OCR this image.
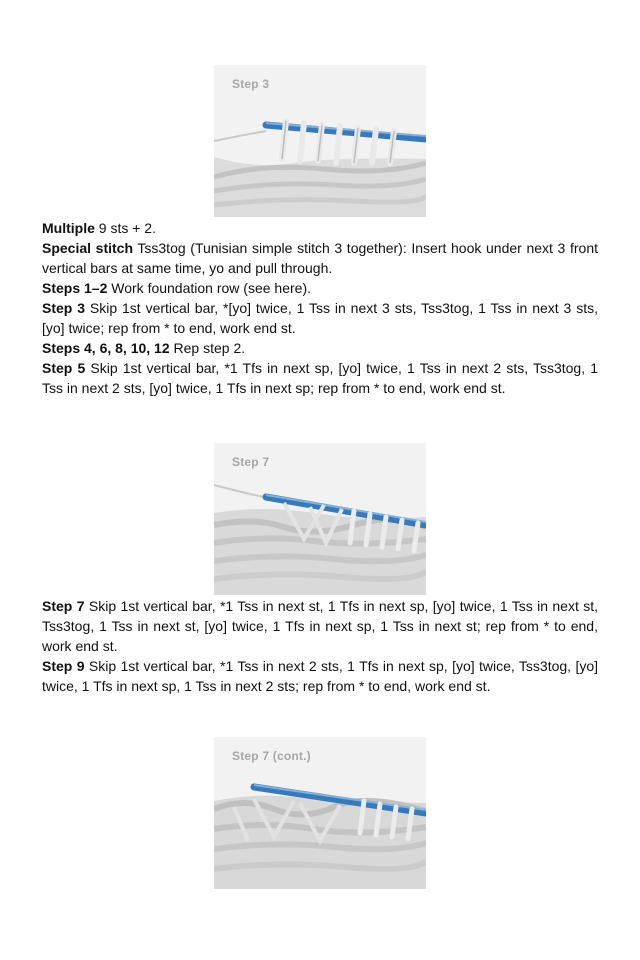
Step 3

Multiple 9 sts + 2.

Special stitch Tss3tog (Tunisian simple stitch 3 together): Insert hook under next 3 front vertical bars at same time, yo and pull through.

Steps 1–2 Work foundation row (see here).

Step 3 Skip 1st vertical bar, *[yo] twice, 1 Tss in next 3 sts, Tss3tog, 1 Tss in next 3 sts, [yo] twice; rep from * to end, work end st.

Steps 4, 6, 8, 10, 12 Rep step 2.

Step 5 Skip 1st vertical bar, *1 Tfs in next sp, [yo] twice, 1 Tss in next 2 sts, Tss3tog, 1 Tss in next 2 sts, [yo] twice, 1 Tfs in next sp; rep from * to end, work end st.

Step 7

Step 7 Skip 1st vertical bar, *1 Tss in next st, 1 Tfs in next sp, [yo] twice, 1 Tss in next st, Tss3tog, 1 Tss in next st, [yo] twice, 1 Tfs in next sp, 1 Tss in next st; rep from * to end, work end st.

Step 9 Skip 1st vertical bar, *1 Tss in next 2 sts, 1 Tfs in next sp, [yo] twice, Tss3tog, [yo] twice, 1 Tfs in next sp, 1 Tss in next 2 sts; rep from * to end, work end st.

Step 7 (cont.)
